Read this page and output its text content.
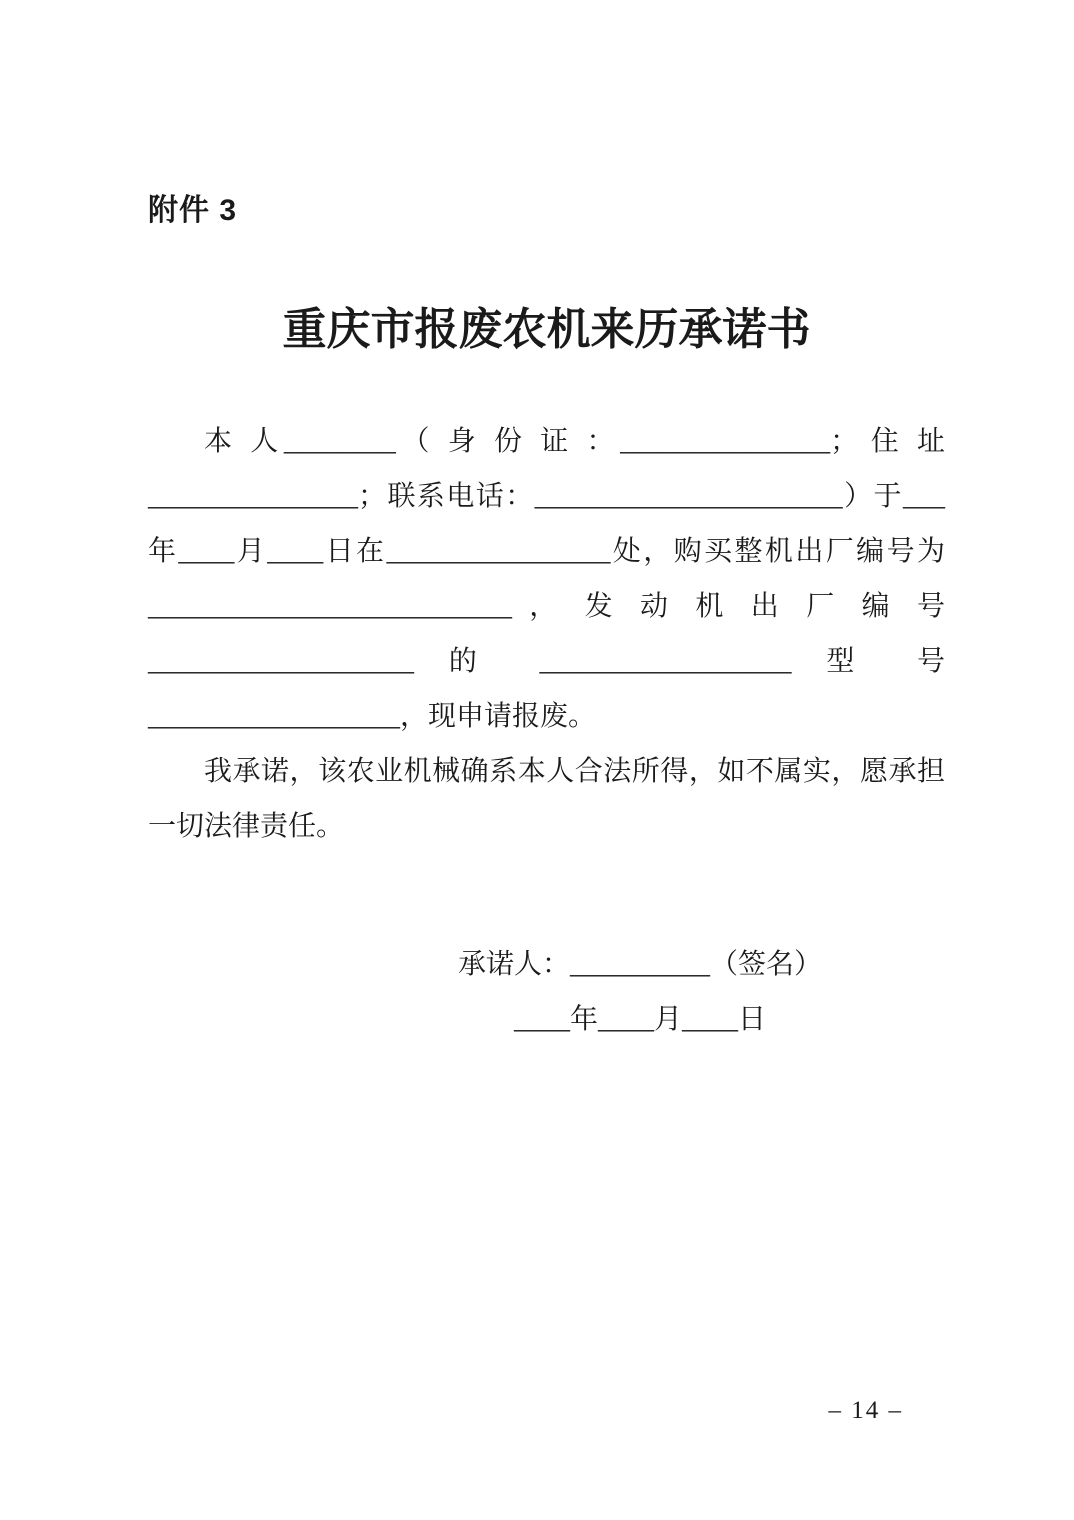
附件 3
重庆市报废农机来历承诺书
本 人________（ 身 份 证 ：_______________； 住 址
_______________；联系电话：______________________）于___
年____月____日在________________处，购买整机出厂编号为
__________________________ ， 发 动 机 出 厂 编 号
___________________ 的 __________________ 型 号
__________________，现申请报废。
我承诺，该农业机械确系本人合法所得，如不属实，愿承担
一切法律责任。
承诺人：__________（签名）
____年____月____日
– 14 –
